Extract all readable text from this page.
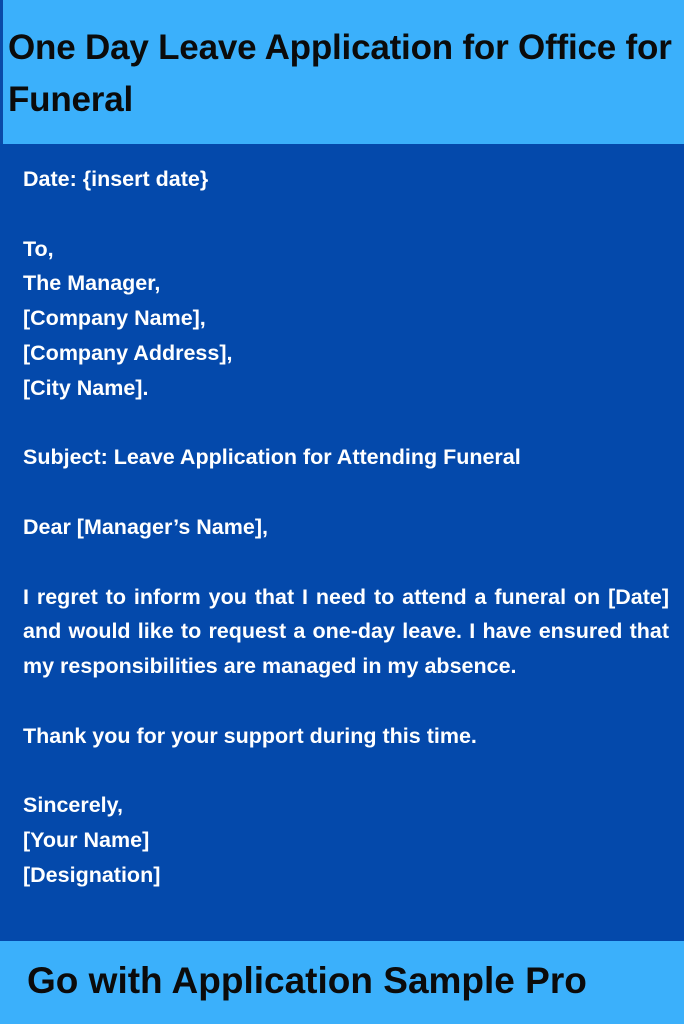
One Day Leave Application for Office for Funeral

Date: {insert date}

To,

The Manager,

[Company Name],

[Company Address],

[City Name].

Subject: Leave Application for Attending Funeral

Dear [Manager’s Name],

I regret to inform you that I need to attend a funeral on [Date] and would like to request a one-day leave. I have ensured that my responsibilities are managed in my absence.

Thank you for your support during this time.

Sincerely,

[Your Name]

[Designation]

Go with Application Sample Pro
